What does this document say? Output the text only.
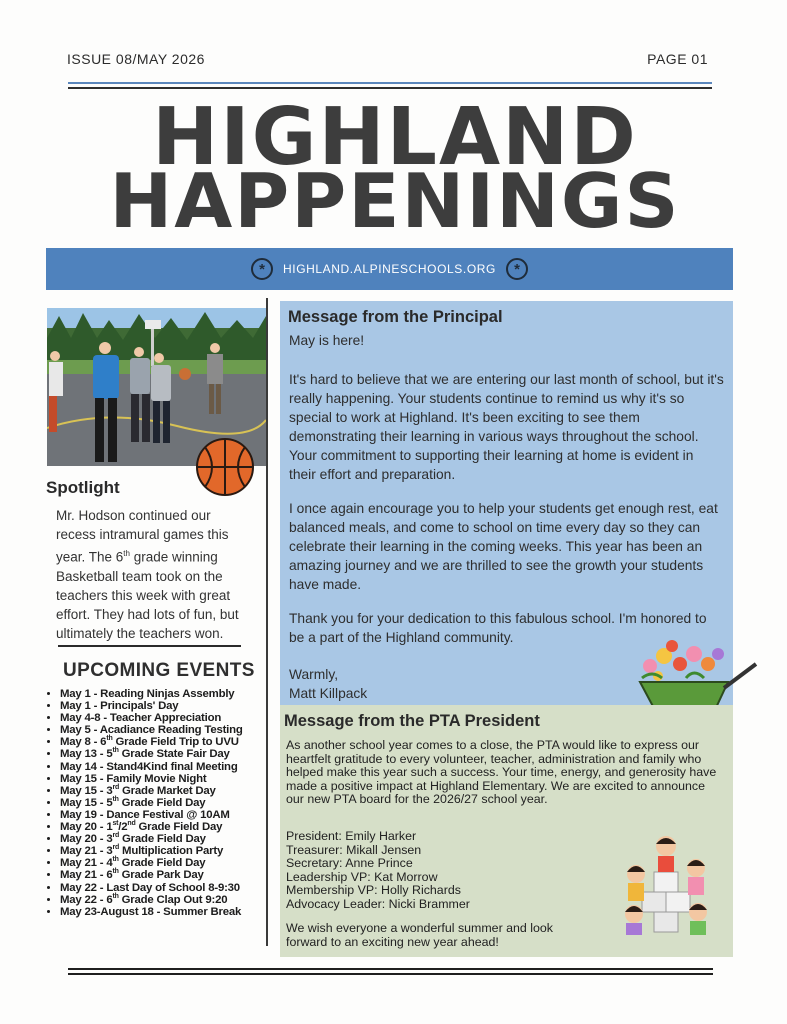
ISSUE 08/MAY 2026	PAGE 01
HIGHLAND
HAPPENINGS
*	HIGHLAND.ALPINESCHOOLS.ORG	*
Spotlight
Mr. Hodson continued our recess intramural games this year. The 6th grade winning Basketball team took on the teachers this week with great effort. They had lots of fun, but ultimately the teachers won.
UPCOMING EVENTS
• May 1 - Reading Ninjas Assembly
• May 1 - Principals' Day
• May 4-8 - Teacher Appreciation
• May 5 - Acadiance Reading Testing
• May 8 - 6th Grade Field Trip to UVU
• May 13 - 5th Grade State Fair Day
• May 14 - Stand4Kind final Meeting
• May 15 - Family Movie Night
• May 15 - 3rd Grade Market Day
• May 15 - 5th Grade Field Day
• May 19 - Dance Festival @ 10AM
• May 20 - 1st/2nd Grade Field Day
• May 20 - 3rd Grade Field Day
• May 21 - 3rd Multiplication Party
• May 21 - 4th Grade Field Day
• May 21 - 6th Grade Park Day
• May 22 - Last Day of School 8-9:30
• May 22 - 6th Grade Clap Out 9:20
• May 23-August 18 - Summer Break
Message from the Principal
May is here!
It's hard to believe that we are entering our last month of school, but it's really happening. Your students continue to remind us why it's so special to work at Highland. It's been exciting to see them demonstrating their learning in various ways throughout the school. Your commitment to supporting their learning at home is evident in their effort and preparation.
I once again encourage you to help your students get enough rest, eat balanced meals, and come to school on time every day so they can celebrate their learning in the coming weeks. This year has been an amazing journey and we are thrilled to see the growth your students have made.
Thank you for your dedication to this fabulous school. I'm honored to be a part of the Highland community.
Warmly,
Matt Killpack
Message from the PTA President
As another school year comes to a close, the PTA would like to express our heartfelt gratitude to every volunteer, teacher, administration and family who helped make this year such a success. Your time, energy, and generosity have made a positive impact at Highland Elementary. We are excited to announce our new PTA board for the 2026/27 school year.
President: Emily Harker
Treasurer: Mikall Jensen
Secretary: Anne Prince
Leadership VP: Kat Morrow
Membership VP: Holly Richards
Advocacy Leader: Nicki Brammer
We wish everyone a wonderful summer and look forward to an exciting new year ahead!
